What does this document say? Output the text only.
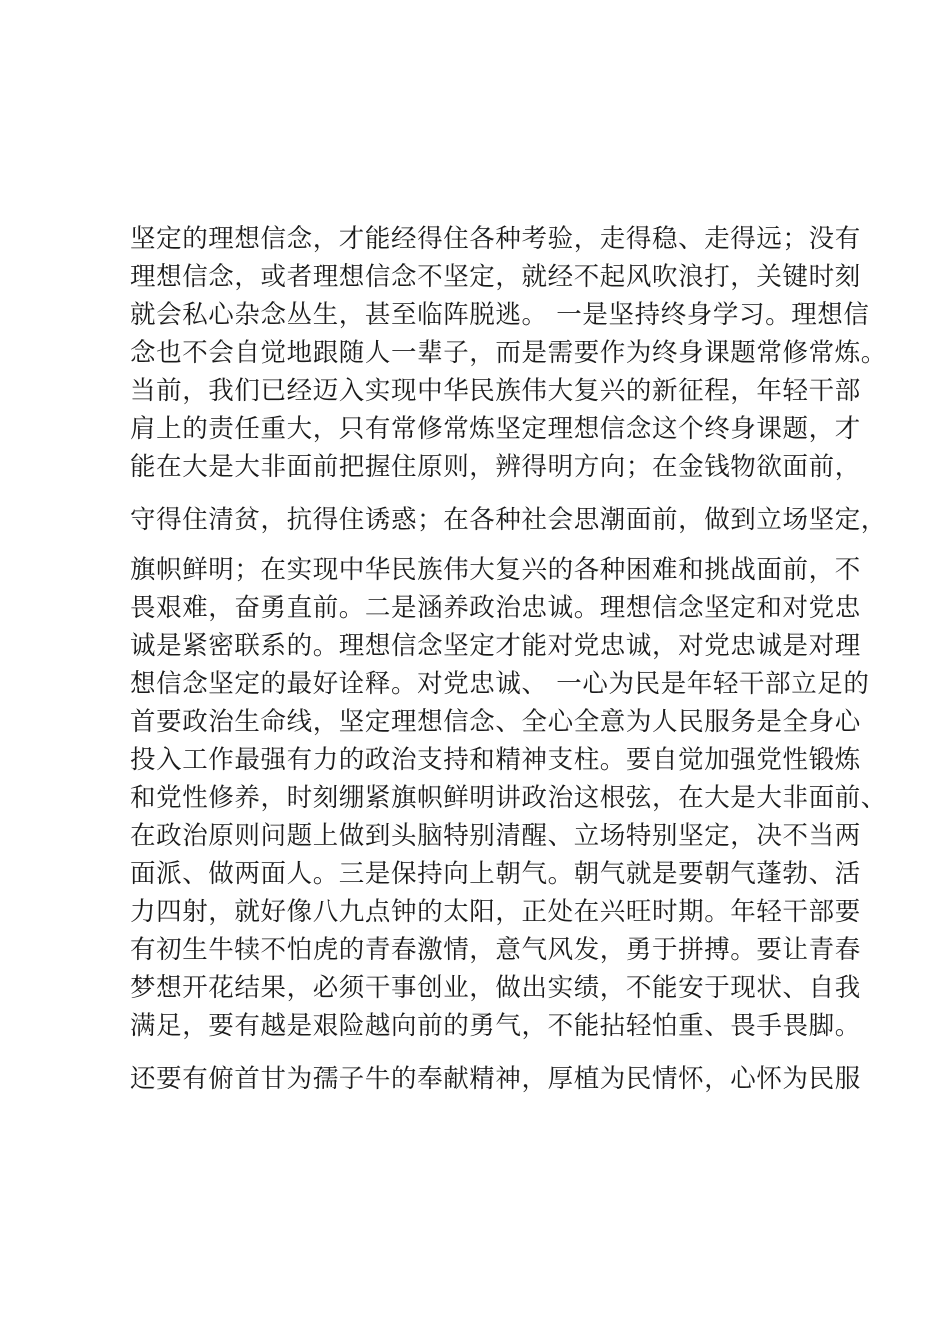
坚定的理想信念，才能经得住各种考验，走得稳、走得远；没有
理想信念，或者理想信念不坚定，就经不起风吹浪打，关键时刻
就会私心杂念丛生，甚至临阵脱逃。 一是坚持终身学习。理想信
念也不会自觉地跟随人一辈子，而是需要作为终身课题常修常炼。
当前，我们已经迈入实现中华民族伟大复兴的新征程，年轻干部
肩上的责任重大，只有常修常炼坚定理想信念这个终身课题，才
能在大是大非面前把握住原则，辨得明方向；在金钱物欲面前，
守得住清贫，抗得住诱惑；在各种社会思潮面前，做到立场坚定，
旗帜鲜明；在实现中华民族伟大复兴的各种困难和挑战面前，不
畏艰难，奋勇直前。二是涵养政治忠诚。理想信念坚定和对党忠
诚是紧密联系的。理想信念坚定才能对党忠诚，对党忠诚是对理
想信念坚定的最好诠释。对党忠诚、 一心为民是年轻干部立足的
首要政治生命线，坚定理想信念、全心全意为人民服务是全身心
投入工作最强有力的政治支持和精神支柱。要自觉加强党性锻炼
和党性修养，时刻绷紧旗帜鲜明讲政治这根弦，在大是大非面前、
在政治原则问题上做到头脑特别清醒、立场特别坚定，决不当两
面派、做两面人。三是保持向上朝气。朝气就是要朝气蓬勃、活
力四射，就好像八九点钟的太阳，正处在兴旺时期。年轻干部要
有初生牛犊不怕虎的青春激情，意气风发，勇于拼搏。要让青春
梦想开花结果，必须干事创业，做出实绩，不能安于现状、自我
满足，要有越是艰险越向前的勇气，不能拈轻怕重、畏手畏脚。
还要有俯首甘为孺子牛的奉献精神，厚植为民情怀，心怀为民服
